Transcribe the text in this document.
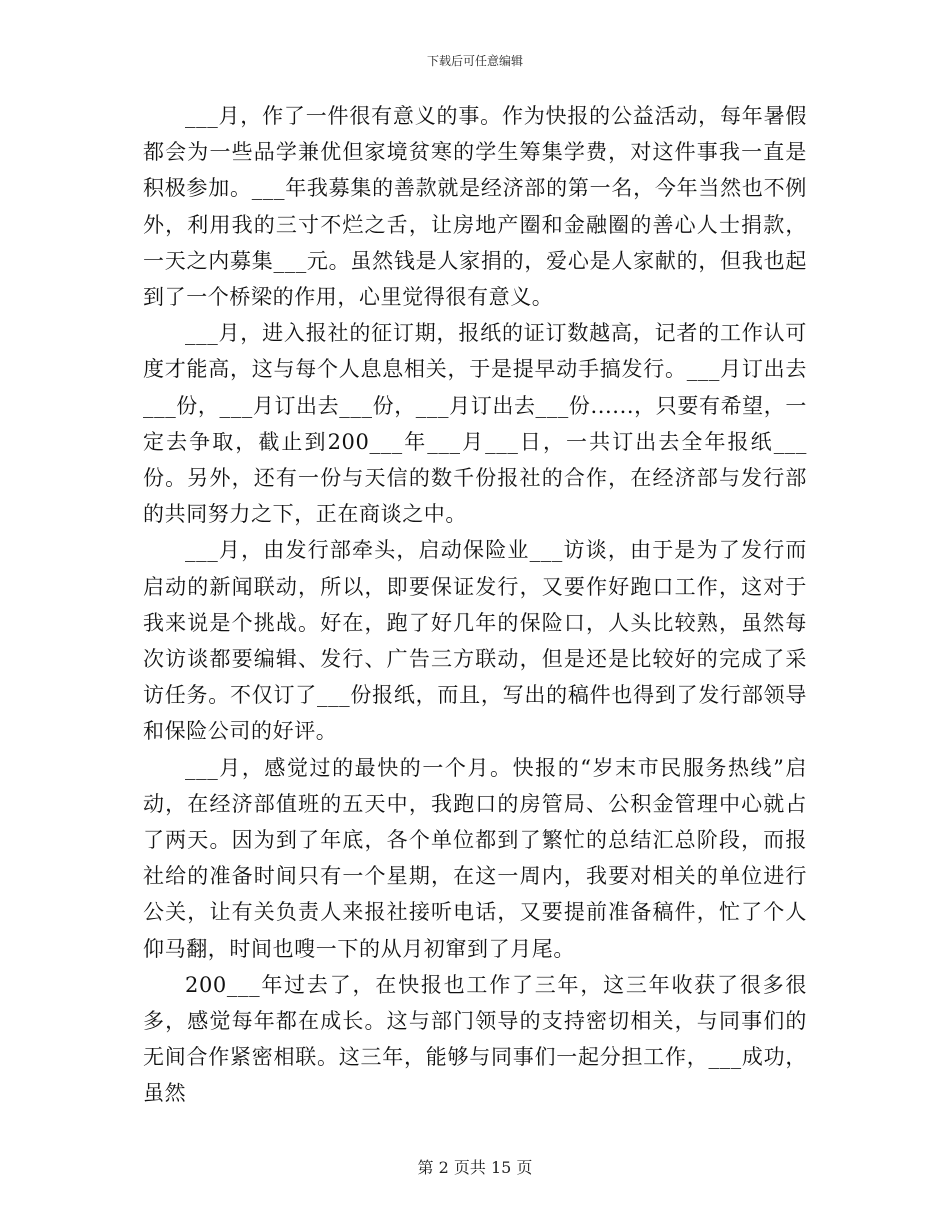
下载后可任意编辑

___月，作了一件很有意义的事。作为快报的公益活动，每年暑假都会为一些品学兼优但家境贫寒的学生筹集学费，对这件事我一直是积极参加。___年我募集的善款就是经济部的第一名，今年当然也不例外，利用我的三寸不烂之舌，让房地产圈和金融圈的善心人士捐款，一天之内募集___元。虽然钱是人家捐的，爱心是人家献的，但我也起到了一个桥梁的作用，心里觉得很有意义。

___月，进入报社的征订期，报纸的证订数越高，记者的工作认可度才能高，这与每个人息息相关，于是提早动手搞发行。___月订出去___份，___月订出去___份，___月订出去___份......，只要有希望，一定去争取，截止到200___年___月___日，一共订出去全年报纸___份。另外，还有一份与天信的数千份报社的合作，在经济部与发行部的共同努力之下，正在商谈之中。

___月，由发行部牵头，启动保险业___访谈，由于是为了发行而启动的新闻联动，所以，即要保证发行，又要作好跑口工作，这对于我来说是个挑战。好在，跑了好几年的保险口，人头比较熟，虽然每次访谈都要编辑、发行、广告三方联动，但是还是比较好的完成了采访任务。不仅订了___份报纸，而且，写出的稿件也得到了发行部领导和保险公司的好评。

___月，感觉过的最快的一个月。快报的“岁末市民服务热线”启动，在经济部值班的五天中，我跑口的房管局、公积金管理中心就占了两天。因为到了年底，各个单位都到了繁忙的总结汇总阶段，而报社给的准备时间只有一个星期，在这一周内，我要对相关的单位进行公关，让有关负责人来报社接听电话，又要提前准备稿件，忙了个人仰马翻，时间也嗖一下的从月初窜到了月尾。

200___年过去了，在快报也工作了三年，这三年收获了很多很多，感觉每年都在成长。这与部门领导的支持密切相关，与同事们的无间合作紧密相联。这三年，能够与同事们一起分担工作，___成功，虽然

第 2 页共 15 页
